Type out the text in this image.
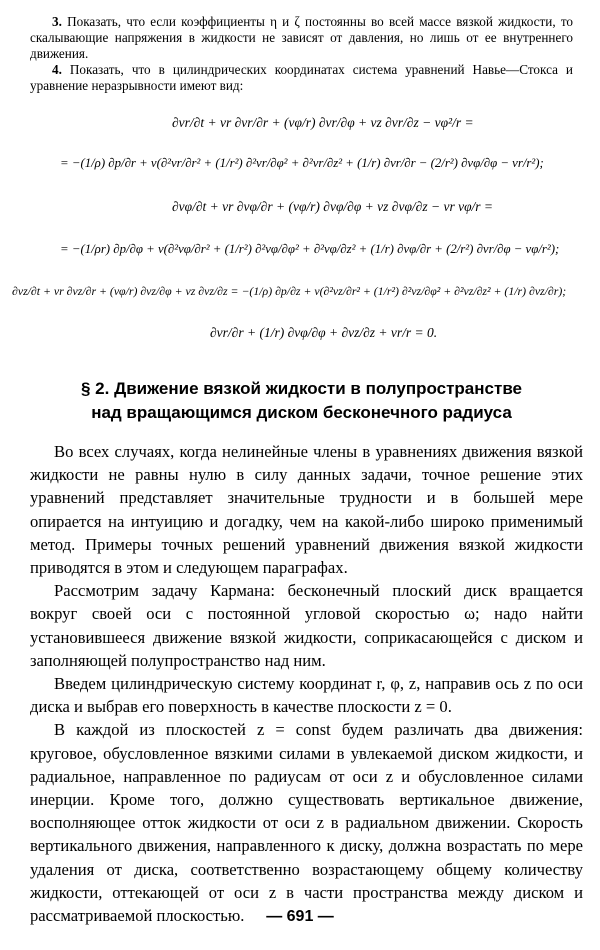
3. Показать, что если коэффициенты η и ζ постоянны во всей массе вязкой жидкости, то скалывающие напряжения в жидкости не зависят от давления, но лишь от ее внутреннего движения.
4. Показать, что в цилиндрических координатах система уравнений Навье—Стокса и уравнение неразрывности имеют вид:
∂vr/∂t + vr ∂vr/∂r + (vφ/r) ∂vr/∂φ + vz ∂vr/∂z − vφ²/r =
= −(1/ρ) ∂p/∂r + ν(∂²vr/∂r² + (1/r²) ∂²vr/∂φ² + ∂²vr/∂z² + (1/r) ∂vr/∂r − (2/r²) ∂vφ/∂φ − vr/r²);
∂vφ/∂t + vr ∂vφ/∂r + (vφ/r) ∂vφ/∂φ + vz ∂vφ/∂z − vr vφ/r =
= −(1/ρr) ∂p/∂φ + ν(∂²vφ/∂r² + (1/r²) ∂²vφ/∂φ² + ∂²vφ/∂z² + (1/r) ∂vφ/∂r + (2/r²) ∂vr/∂φ − vφ/r²);
∂vz/∂t + vr ∂vz/∂r + (vφ/r) ∂vz/∂φ + vz ∂vz/∂z = −(1/ρ) ∂p/∂z + ν(∂²vz/∂r² + (1/r²) ∂²vz/∂φ² + ∂²vz/∂z² + (1/r) ∂vz/∂r);
∂vr/∂r + (1/r) ∂vφ/∂φ + ∂vz/∂z + vr/r = 0.
§ 2. Движение вязкой жидкости в полупространстве
над вращающимся диском бесконечного радиуса

Во всех случаях, когда нелинейные члены в уравнениях движения вязкой жидкости не равны нулю в силу данных задачи, точное решение этих уравнений представляет значительные трудности и в большей мере опирается на интуицию и догадку, чем на какой-либо широко применимый метод. Примеры точных решений уравнений движения вязкой жидкости приводятся в этом и следующем параграфах.

Рассмотрим задачу Кармана: бесконечный плоский диск вращается вокруг своей оси с постоянной угловой скоростью ω; надо найти установившееся движение вязкой жидкости, соприкасающейся с диском и заполняющей полупространство над ним.

Введем цилиндрическую систему координат r, φ, z, направив ось z по оси диска и выбрав его поверхность в качестве плоскости z = 0.

В каждой из плоскостей z = const будем различать два движения: круговое, обусловленное вязкими силами в увлекаемой диском жидкости, и радиальное, направленное по радиусам от оси z и обусловленное силами инерции. Кроме того, должно существовать вертикальное движение, восполняющее отток жидкости от оси z в радиальном движении. Скорость вертикального движения, направленного к диску, должна возрастать по мере удаления от диска, соответственно возрастающему общему количеству жидкости, оттекающей от оси z в части пространства между диском и рассматриваемой плоскостью.	— 691 —
